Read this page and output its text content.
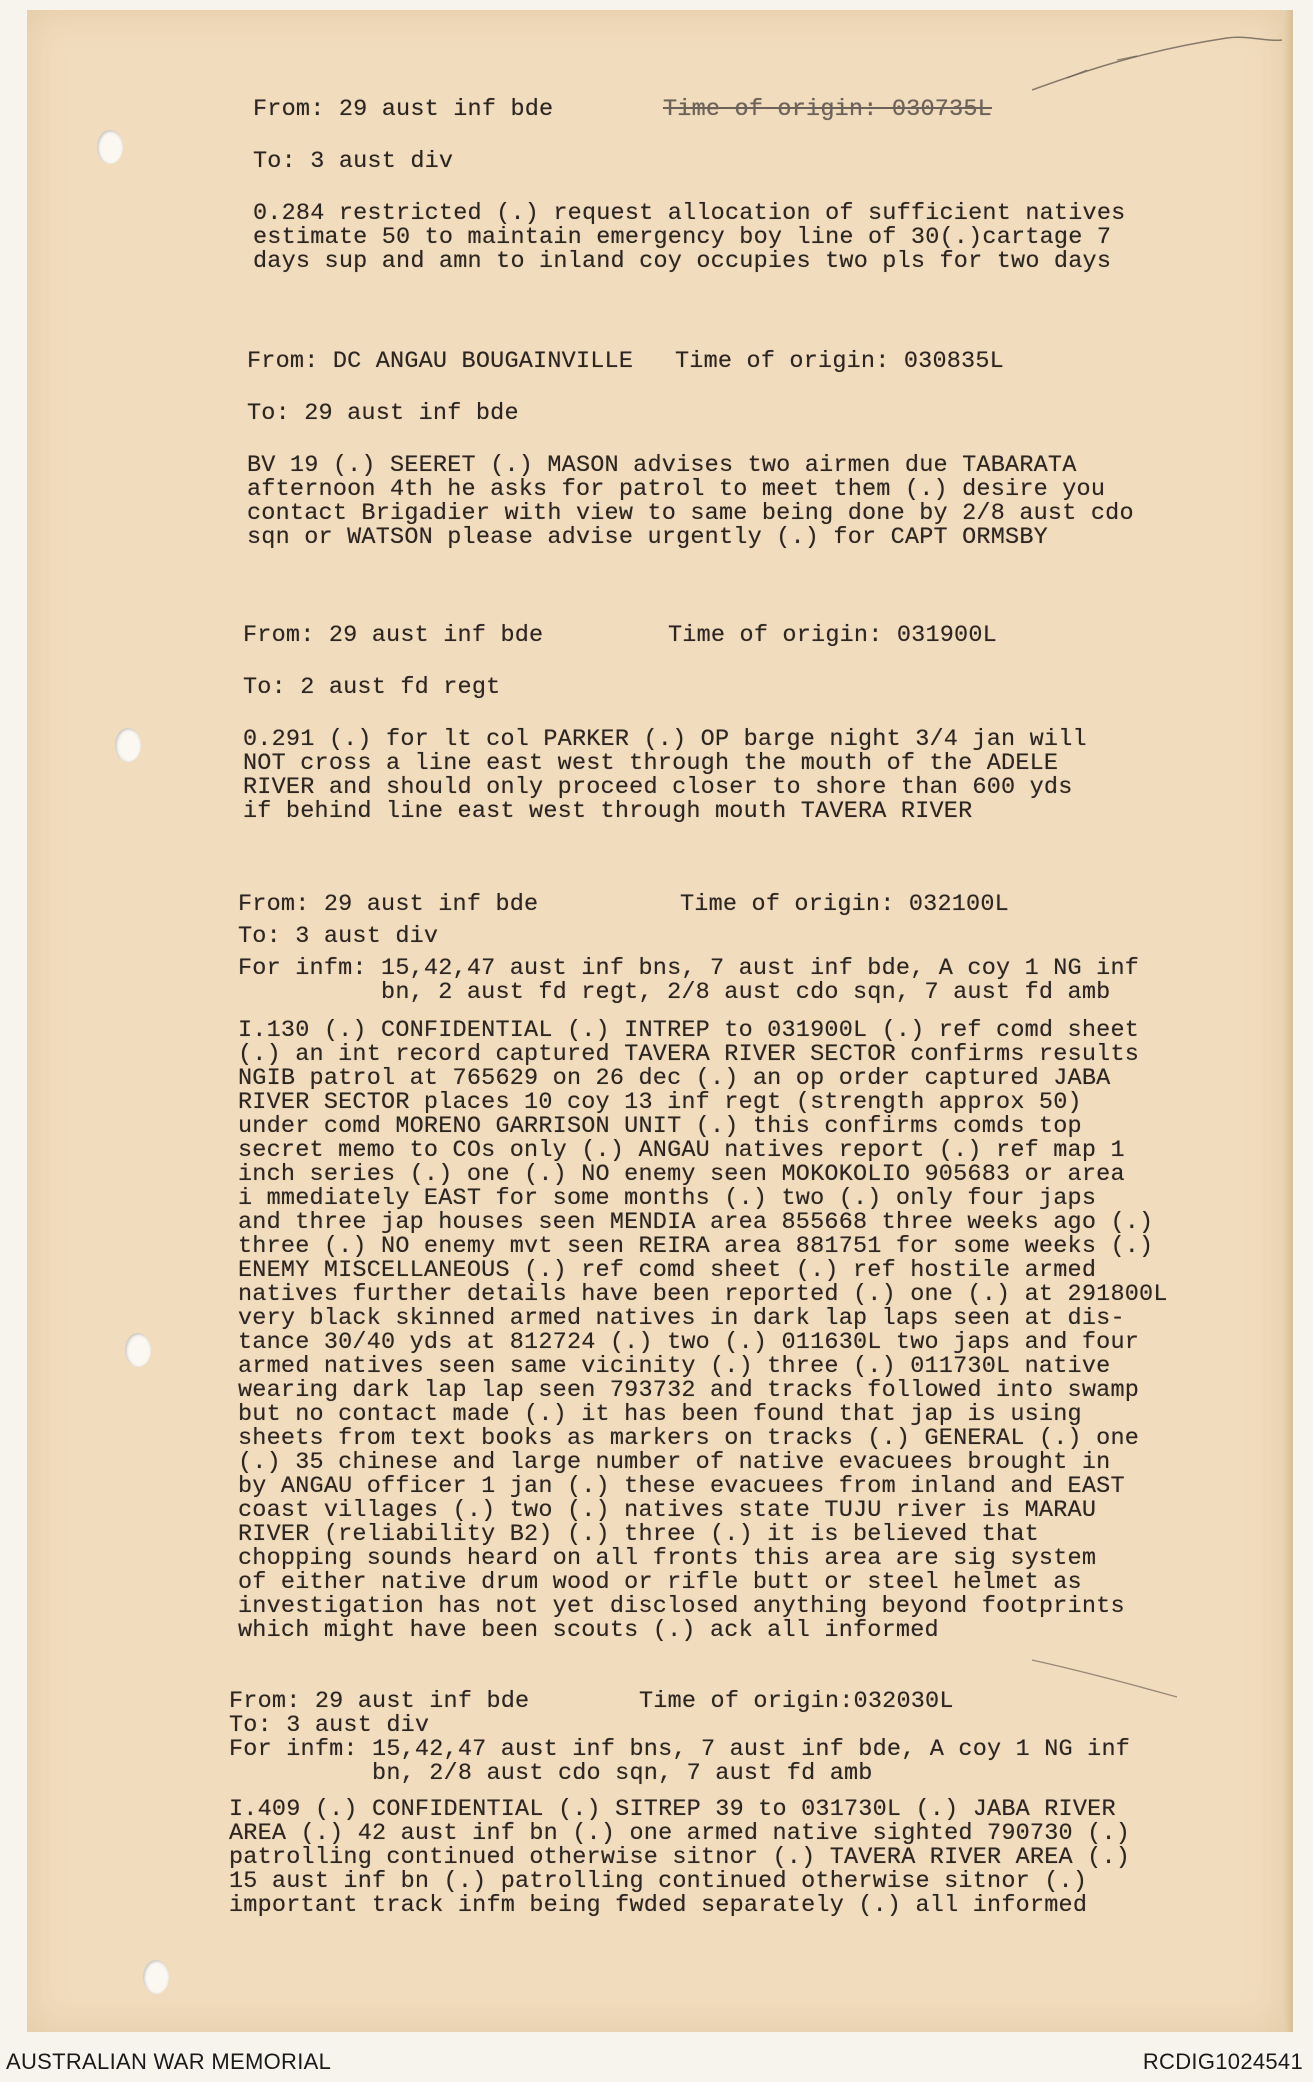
From: 29 aust inf bde	Time of origin: 030735L
To: 3 aust div
0.284 restricted (.) request allocation of sufficient natives
estimate 50 to maintain emergency boy line of 30(.)cartage 7
days sup and amn to inland coy occupies two pls for two days
From: DC ANGAU BOUGAINVILLE Time of origin: 030835L
To: 29 aust inf bde
BV 19 (.) SEERET (.) MASON advises two airmen due TABARATA
afternoon 4th he asks for patrol to meet them (.) desire you
contact Brigadier with view to same being done by 2/8 aust cdo
sqn or WATSON please advise urgently (.) for CAPT ORMSBY
From: 29 aust inf bde	Time of origin: 031900L
To: 2 aust fd regt
0.291 (.) for lt col PARKER (.) OP barge night 3/4 jan will
NOT cross a line east west through the mouth of the ADELE
RIVER and should only proceed closer to shore than 600 yds
if behind line east west through mouth TAVERA RIVER
From: 29 aust inf bde	Time of origin: 032100L
To: 3 aust div
For infm: 15,42,47 aust inf bns, 7 aust inf bde, A coy 1 NG inf
bn, 2 aust fd regt, 2/8 aust cdo sqn, 7 aust fd amb
I.130 (.) CONFIDENTIAL (.) INTREP to 031900L (.) ref comd sheet
(.) an int record captured TAVERA RIVER SECTOR confirms results
NGIB patrol at 765629 on 26 dec (.) an op order captured JABA
RIVER SECTOR places 10 coy 13 inf regt (strength approx 50)
under comd MORENO GARRISON UNIT (.) this confirms comds top
secret memo to COs only (.) ANGAU natives report (.) ref map 1
inch series (.) one (.) NO enemy seen MOKOKOLIO 905683 or area
i mmediately EAST for some months (.) two (.) only four japs
and three jap houses seen MENDIA area 855668 three weeks ago (.)
three (.) NO enemy mvt seen REIRA area 881751 for some weeks (.)
ENEMY MISCELLANEOUS (.) ref comd sheet (.) ref hostile armed
natives further details have been reported (.) one (.) at 291800L
very black skinned armed natives in dark lap laps seen at dis-
tance 30/40 yds at 812724 (.) two (.) 011630L two japs and four
armed natives seen same vicinity (.) three (.) 011730L native
wearing dark lap lap seen 793732 and tracks followed into swamp
but no contact made (.) it has been found that jap is using
sheets from text books as markers on tracks (.) GENERAL (.) one
(.) 35 chinese and large number of native evacuees brought in
by ANGAU officer 1 jan (.) these evacuees from inland and EAST
coast villages (.) two (.) natives state TUJU river is MARAU
RIVER (reliability B2) (.) three (.) it is believed that
chopping sounds heard on all fronts this area are sig system
of either native drum wood or rifle butt or steel helmet as
investigation has not yet disclosed anything beyond footprints
which might have been scouts (.) ack all informed
From: 29 aust inf bde	Time of origin:032030L
To: 3 aust div
For infm: 15,42,47 aust inf bns, 7 aust inf bde, A coy 1 NG inf
bn, 2/8 aust cdo sqn, 7 aust fd amb
I.409 (.) CONFIDENTIAL (.) SITREP 39 to 031730L (.) JABA RIVER
AREA (.) 42 aust inf bn (.) one armed native sighted 790730 (.)
patrolling continued otherwise sitnor (.) TAVERA RIVER AREA (.)
15 aust inf bn (.) patrolling continued otherwise sitnor (.)
important track infm being fwded separately (.) all informed
AUSTRALIAN WAR MEMORIAL	RCDIG1024541
